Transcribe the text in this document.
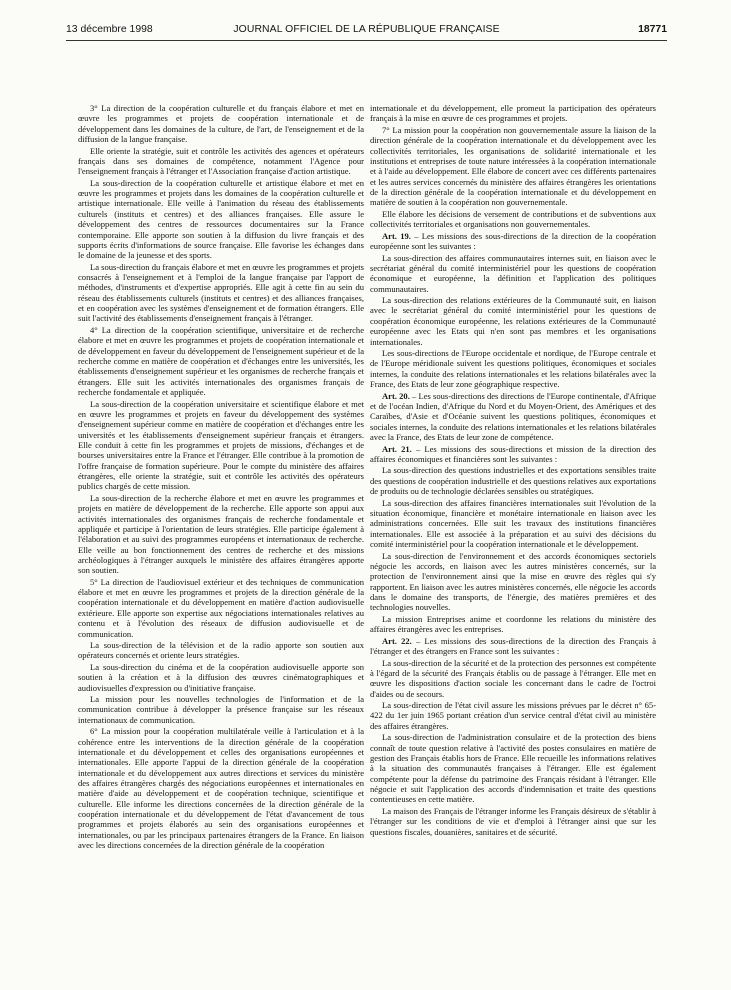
13 décembre 1998	JOURNAL OFFICIEL DE LA RÉPUBLIQUE FRANÇAISE	18771

3° La direction de la coopération culturelle et du français élabore et met en œuvre les programmes et projets de coopération internationale et de développement dans les domaines de la culture, de l'art, de l'enseignement et de la diffusion de la langue française.

Elle oriente la stratégie, suit et contrôle les activités des agences et opérateurs français dans ses domaines de compétence, notamment l'Agence pour l'enseignement français à l'étranger et l'Association française d'action artistique.

La sous-direction de la coopération culturelle et artistique élabore et met en œuvre les programmes et projets dans les domaines de la coopération culturelle et artistique internationale. Elle veille à l'animation du réseau des établissements culturels (instituts et centres) et des alliances françaises. Elle assure le développement des centres de ressources documentaires sur la France contemporaine. Elle apporte son soutien à la diffusion du livre français et des supports écrits d'informations de source française. Elle favorise les échanges dans le domaine de la jeunesse et des sports.

La sous-direction du français élabore et met en œuvre les programmes et projets consacrés à l'enseignement et à l'emploi de la langue française par l'apport de méthodes, d'instruments et d'expertise appropriés. Elle agit à cette fin au sein du réseau des établissements culturels (instituts et centres) et des alliances françaises, et en coopération avec les systèmes d'enseignement et de formation étrangers. Elle suit l'activité des établissements d'enseignement français à l'étranger.

4° La direction de la coopération scientifique, universitaire et de recherche élabore et met en œuvre les programmes et projets de coopération internationale et de développement en faveur du développement de l'enseignement supérieur et de la recherche comme en matière de coopération et d'échanges entre les universités, les établissements d'enseignement supérieur et les organismes de recherche français et étrangers. Elle suit les activités internationales des organismes français de recherche fondamentale et appliquée.

La sous-direction de la coopération universitaire et scientifique élabore et met en œuvre les programmes et projets en faveur du développement des systèmes d'enseignement supérieur comme en matière de coopération et d'échanges entre les universités et les établissements d'enseignement supérieur français et étrangers. Elle conduit à cette fin les programmes et projets de missions, d'échanges et de bourses universitaires entre la France et l'étranger. Elle contribue à la promotion de l'offre française de formation supérieure. Pour le compte du ministère des affaires étrangères, elle oriente la stratégie, suit et contrôle les activités des opérateurs publics chargés de cette mission.

La sous-direction de la recherche élabore et met en œuvre les programmes et projets en matière de développement de la recherche. Elle apporte son appui aux activités internationales des organismes français de recherche fondamentale et appliquée et participe à l'orientation de leurs stratégies. Elle participe également à l'élaboration et au suivi des programmes européens et internationaux de recherche. Elle veille au bon fonctionnement des centres de recherche et des missions archéologiques à l'étranger auxquels le ministère des affaires étrangères apporte son soutien.

5° La direction de l'audiovisuel extérieur et des techniques de communication élabore et met en œuvre les programmes et projets de la direction générale de la coopération internationale et du développement en matière d'action audiovisuelle extérieure. Elle apporte son expertise aux négociations internationales relatives au contenu et à l'évolution des réseaux de diffusion audiovisuelle et de communication.

La sous-direction de la télévision et de la radio apporte son soutien aux opérateurs concernés et oriente leurs stratégies.

La sous-direction du cinéma et de la coopération audiovisuelle apporte son soutien à la création et à la diffusion des œuvres cinématographiques et audiovisuelles d'expression ou d'initiative française.

La mission pour les nouvelles technologies de l'information et de la communication contribue à développer la présence française sur les réseaux internationaux de communication.

6° La mission pour la coopération multilatérale veille à l'articulation et à la cohérence entre les interventions de la direction générale de la coopération internationale et du développement et celles des organisations européennes et internationales. Elle apporte l'appui de la direction générale de la coopération internationale et du développement aux autres directions et services du ministère des affaires étrangères chargés des négociations européennes et internationales en matière d'aide au développement et de coopération technique, scientifique et culturelle. Elle informe les directions concernées de la direction générale de la coopération internationale et du développement de l'état d'avancement de tous programmes et projets élaborés au sein des organisations européennes et internationales, ou par les principaux partenaires étrangers de la France. En liaison avec les directions concernées de la direction générale de la coopération

internationale et du développement, elle promeut la participation des opérateurs français à la mise en œuvre de ces programmes et projets.

7° La mission pour la coopération non gouvernementale assure la liaison de la direction générale de la coopération internationale et du développement avec les collectivités territoriales, les organisations de solidarité internationale et les institutions et entreprises de toute nature intéressées à la coopération internationale et à l'aide au développement. Elle élabore de concert avec ces différents partenaires et les autres services concernés du ministère des affaires étrangères les orientations de la direction générale de la coopération internationale et du développement en matière de soutien à la coopération non gouvernementale.

Elle élabore les décisions de versement de contributions et de subventions aux collectivités territoriales et organisations non gouvernementales.

Art. 19. – Les missions des sous-directions de la direction de la coopération européenne sont les suivantes :

La sous-direction des affaires communautaires internes suit, en liaison avec le secrétariat général du comité interministériel pour les questions de coopération économique et européenne, la définition et l'application des politiques communautaires.

La sous-direction des relations extérieures de la Communauté suit, en liaison avec le secrétariat général du comité interministériel pour les questions de coopération économique européenne, les relations extérieures de la Communauté européenne avec les Etats qui n'en sont pas membres et les organisations internationales.

Les sous-directions de l'Europe occidentale et nordique, de l'Europe centrale et de l'Europe méridionale suivent les questions politiques, économiques et sociales internes, la conduite des relations internationales et les relations bilatérales avec la France, des Etats de leur zone géographique respective.

Art. 20. – Les sous-directions des directions de l'Europe continentale, d'Afrique et de l'océan Indien, d'Afrique du Nord et du Moyen-Orient, des Amériques et des Caraïbes, d'Asie et d'Océanie suivent les questions politiques, économiques et sociales internes, la conduite des relations internationales et les relations bilatérales avec la France, des Etats de leur zone de compétence.

Art. 21. – Les missions des sous-directions et mission de la direction des affaires économiques et financières sont les suivantes :

La sous-direction des questions industrielles et des exportations sensibles traite des questions de coopération industrielle et des questions relatives aux exportations de produits ou de technologie déclarées sensibles ou stratégiques.

La sous-direction des affaires financières internationales suit l'évolution de la situation économique, financière et monétaire internationale en liaison avec les administrations concernées. Elle suit les travaux des institutions financières internationales. Elle est associée à la préparation et au suivi des décisions du comité interministériel pour la coopération internationale et le développement.

La sous-direction de l'environnement et des accords économiques sectoriels négocie les accords, en liaison avec les autres ministères concernés, sur la protection de l'environnement ainsi que la mise en œuvre des règles qui s'y rapportent. En liaison avec les autres ministères concernés, elle négocie les accords dans le domaine des transports, de l'énergie, des matières premières et des technologies nouvelles.

La mission Entreprises anime et coordonne les relations du ministère des affaires étrangères avec les entreprises.

Art. 22. – Les missions des sous-directions de la direction des Français à l'étranger et des étrangers en France sont les suivantes :

La sous-direction de la sécurité et de la protection des personnes est compétente à l'égard de la sécurité des Français établis ou de passage à l'étranger. Elle met en œuvre les dispositions d'action sociale les concernant dans le cadre de l'octroi d'aides ou de secours.

La sous-direction de l'état civil assure les missions prévues par le décret n° 65-422 du 1er juin 1965 portant création d'un service central d'état civil au ministère des affaires étrangères.

La sous-direction de l'administration consulaire et de la protection des biens connaît de toute question relative à l'activité des postes consulaires en matière de gestion des Français établis hors de France. Elle recueille les informations relatives à la situation des communautés françaises à l'étranger. Elle est également compétente pour la défense du patrimoine des Français résidant à l'étranger. Elle négocie et suit l'application des accords d'indemnisation et traite des questions contentieuses en cette matière.

La maison des Français de l'étranger informe les Français désireux de s'établir à l'étranger sur les conditions de vie et d'emploi à l'étranger ainsi que sur les questions fiscales, douanières, sanitaires et de sécurité.
